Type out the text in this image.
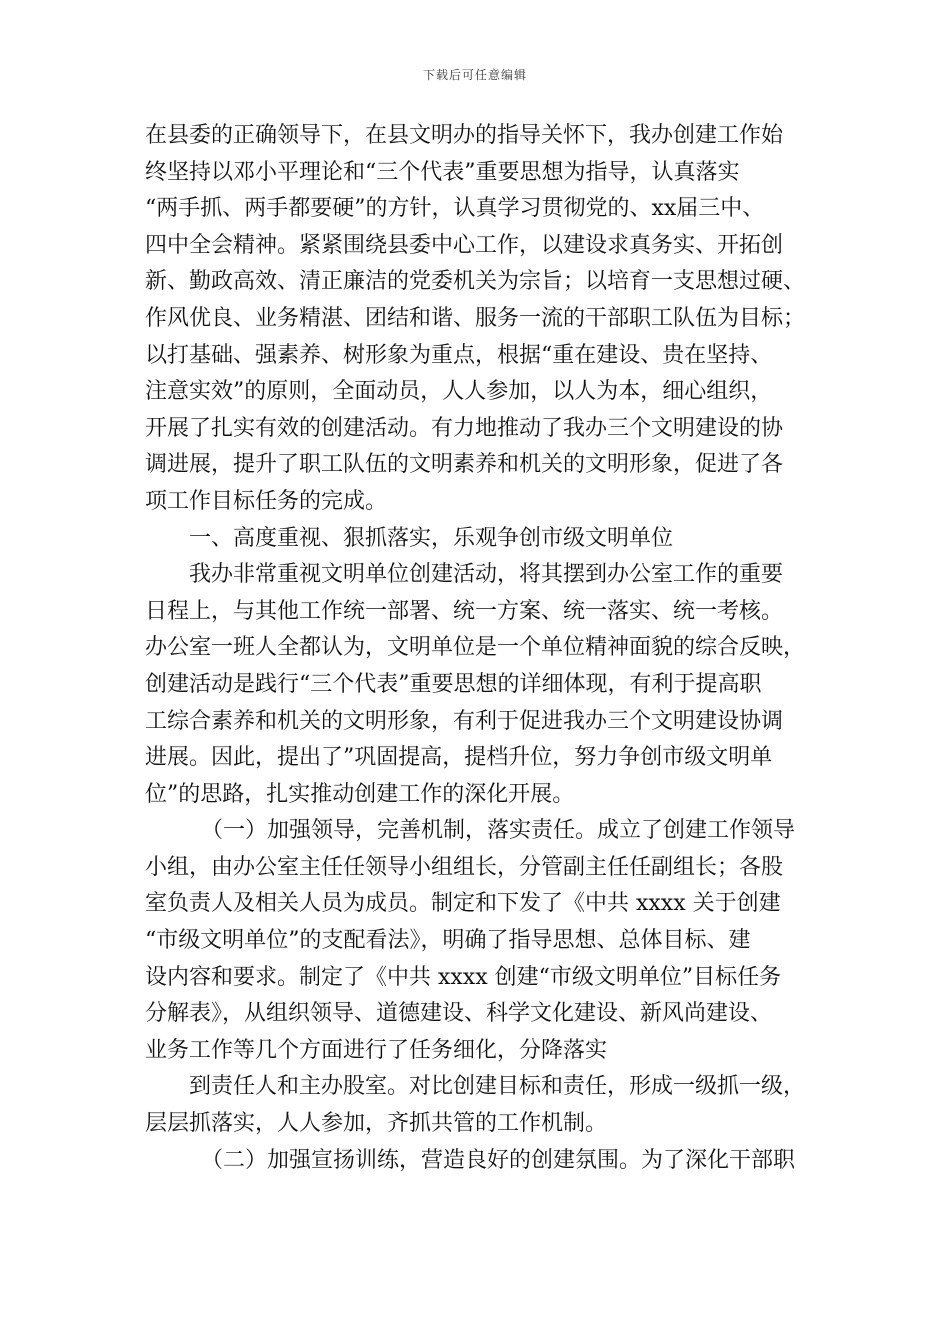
下载后可任意编辑
在县委的正确领导下，在县文明办的指导关怀下，我办创建工作始
终坚持以邓小平理论和“三个代表”重要思想为指导，认真落实
“两手抓、两手都要硬”的方针，认真学习贯彻党的、xx届三中、
四中全会精神。紧紧围绕县委中心工作，以建设求真务实、开拓创
新、勤政高效、清正廉洁的党委机关为宗旨；以培育一支思想过硬、
作风优良、业务精湛、团结和谐、服务一流的干部职工队伍为目标；
以打基础、强素养、树形象为重点，根据“重在建设、贵在坚持、
注意实效”的原则，全面动员，人人参加，以人为本，细心组织，
开展了扎实有效的创建活动。有力地推动了我办三个文明建设的协
调进展，提升了职工队伍的文明素养和机关的文明形象，促进了各
项工作目标任务的完成。
一、高度重视、狠抓落实，乐观争创市级文明单位
我办非常重视文明单位创建活动，将其摆到办公室工作的重要
日程上，与其他工作统一部署、统一方案、统一落实、统一考核。
办公室一班人全都认为，文明单位是一个单位精神面貌的综合反映，
创建活动是践行“三个代表”重要思想的详细体现，有利于提高职
工综合素养和机关的文明形象，有利于促进我办三个文明建设协调
进展。因此，提出了”巩固提高，提档升位，努力争创市级文明单
位”的思路，扎实推动创建工作的深化开展。
（一）加强领导，完善机制，落实责任。成立了创建工作领导
小组，由办公室主任任领导小组组长，分管副主任任副组长；各股
室负责人及相关人员为成员。制定和下发了《中共 xxxx 关于创建
“市级文明单位”的支配看法》，明确了指导思想、总体目标、建
设内容和要求。制定了《中共 xxxx 创建“市级文明单位”目标任务
分解表》，从组织领导、道德建设、科学文化建设、新风尚建设、
业务工作等几个方面进行了任务细化，分降落实
到责任人和主办股室。对比创建目标和责任，形成一级抓一级，
层层抓落实，人人参加，齐抓共管的工作机制。
（二）加强宣扬训练，营造良好的创建氛围。为了深化干部职
